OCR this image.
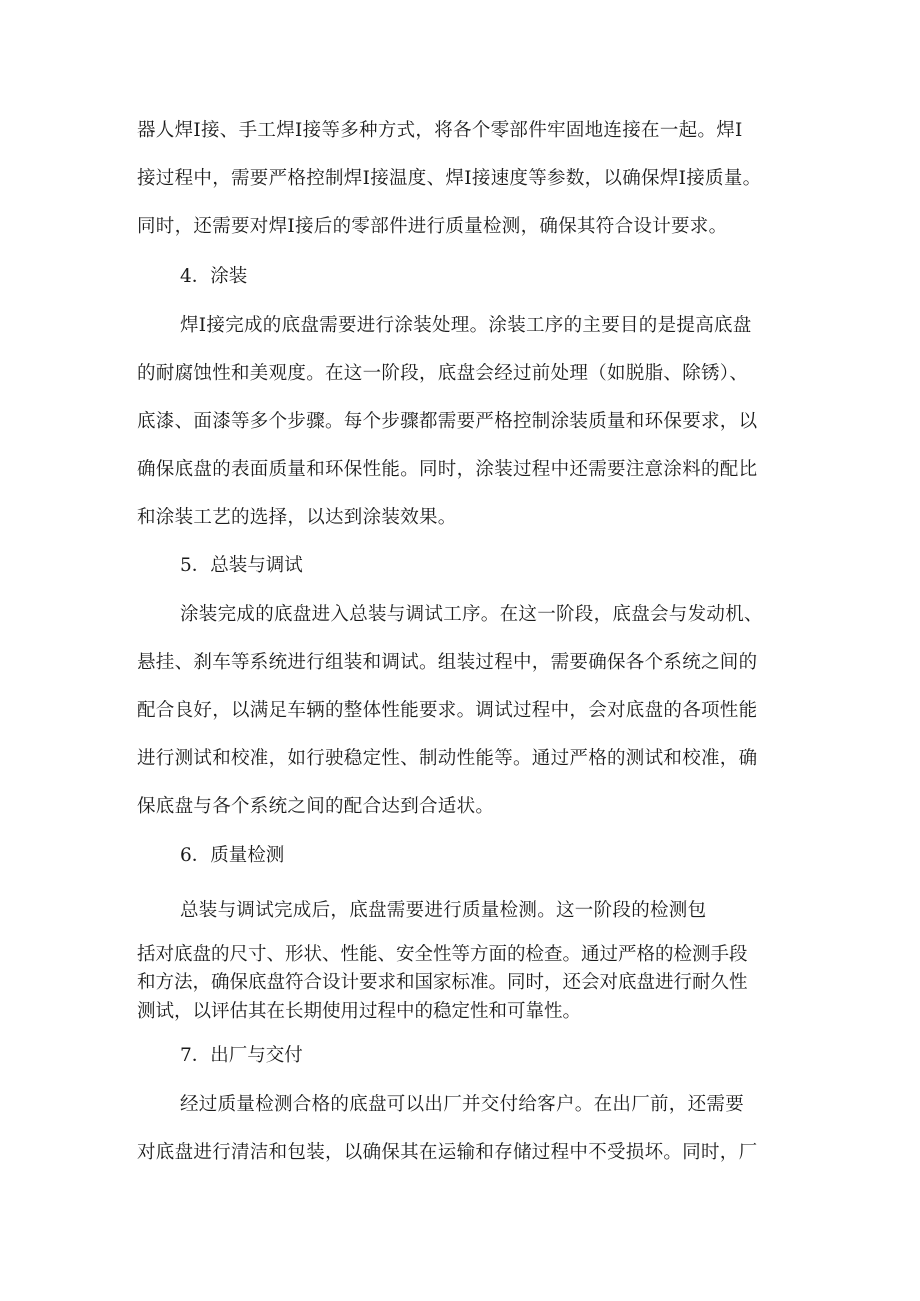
器人焊I接、手工焊I接等多种方式，将各个零部件牢固地连接在一起。焊I
接过程中，需要严格控制焊I接温度、焊I接速度等参数，以确保焊I接质量。
同时，还需要对焊I接后的零部件进行质量检测，确保其符合设计要求。
4．涂装
焊I接完成的底盘需要进行涂装处理。涂装工序的主要目的是提高底盘
的耐腐蚀性和美观度。在这一阶段，底盘会经过前处理（如脱脂、除锈）、
底漆、面漆等多个步骤。每个步骤都需要严格控制涂装质量和环保要求，以
确保底盘的表面质量和环保性能。同时，涂装过程中还需要注意涂料的配比
和涂装工艺的选择，以达到涂装效果。
5．总装与调试
涂装完成的底盘进入总装与调试工序。在这一阶段，底盘会与发动机、
悬挂、刹车等系统进行组装和调试。组装过程中，需要确保各个系统之间的
配合良好，以满足车辆的整体性能要求。调试过程中，会对底盘的各项性能
进行测试和校准，如行驶稳定性、制动性能等。通过严格的测试和校准，确
保底盘与各个系统之间的配合达到合适状。
6．质量检测
总装与调试完成后，底盘需要进行质量检测。这一阶段的检测包
括对底盘的尺寸、形状、性能、安全性等方面的检查。通过严格的检测手段
和方法，确保底盘符合设计要求和国家标准。同时，还会对底盘进行耐久性
测试，以评估其在长期使用过程中的稳定性和可靠性。
7．出厂与交付
经过质量检测合格的底盘可以出厂并交付给客户。在出厂前，还需要
对底盘进行清洁和包装，以确保其在运输和存储过程中不受损坏。同时，厂
